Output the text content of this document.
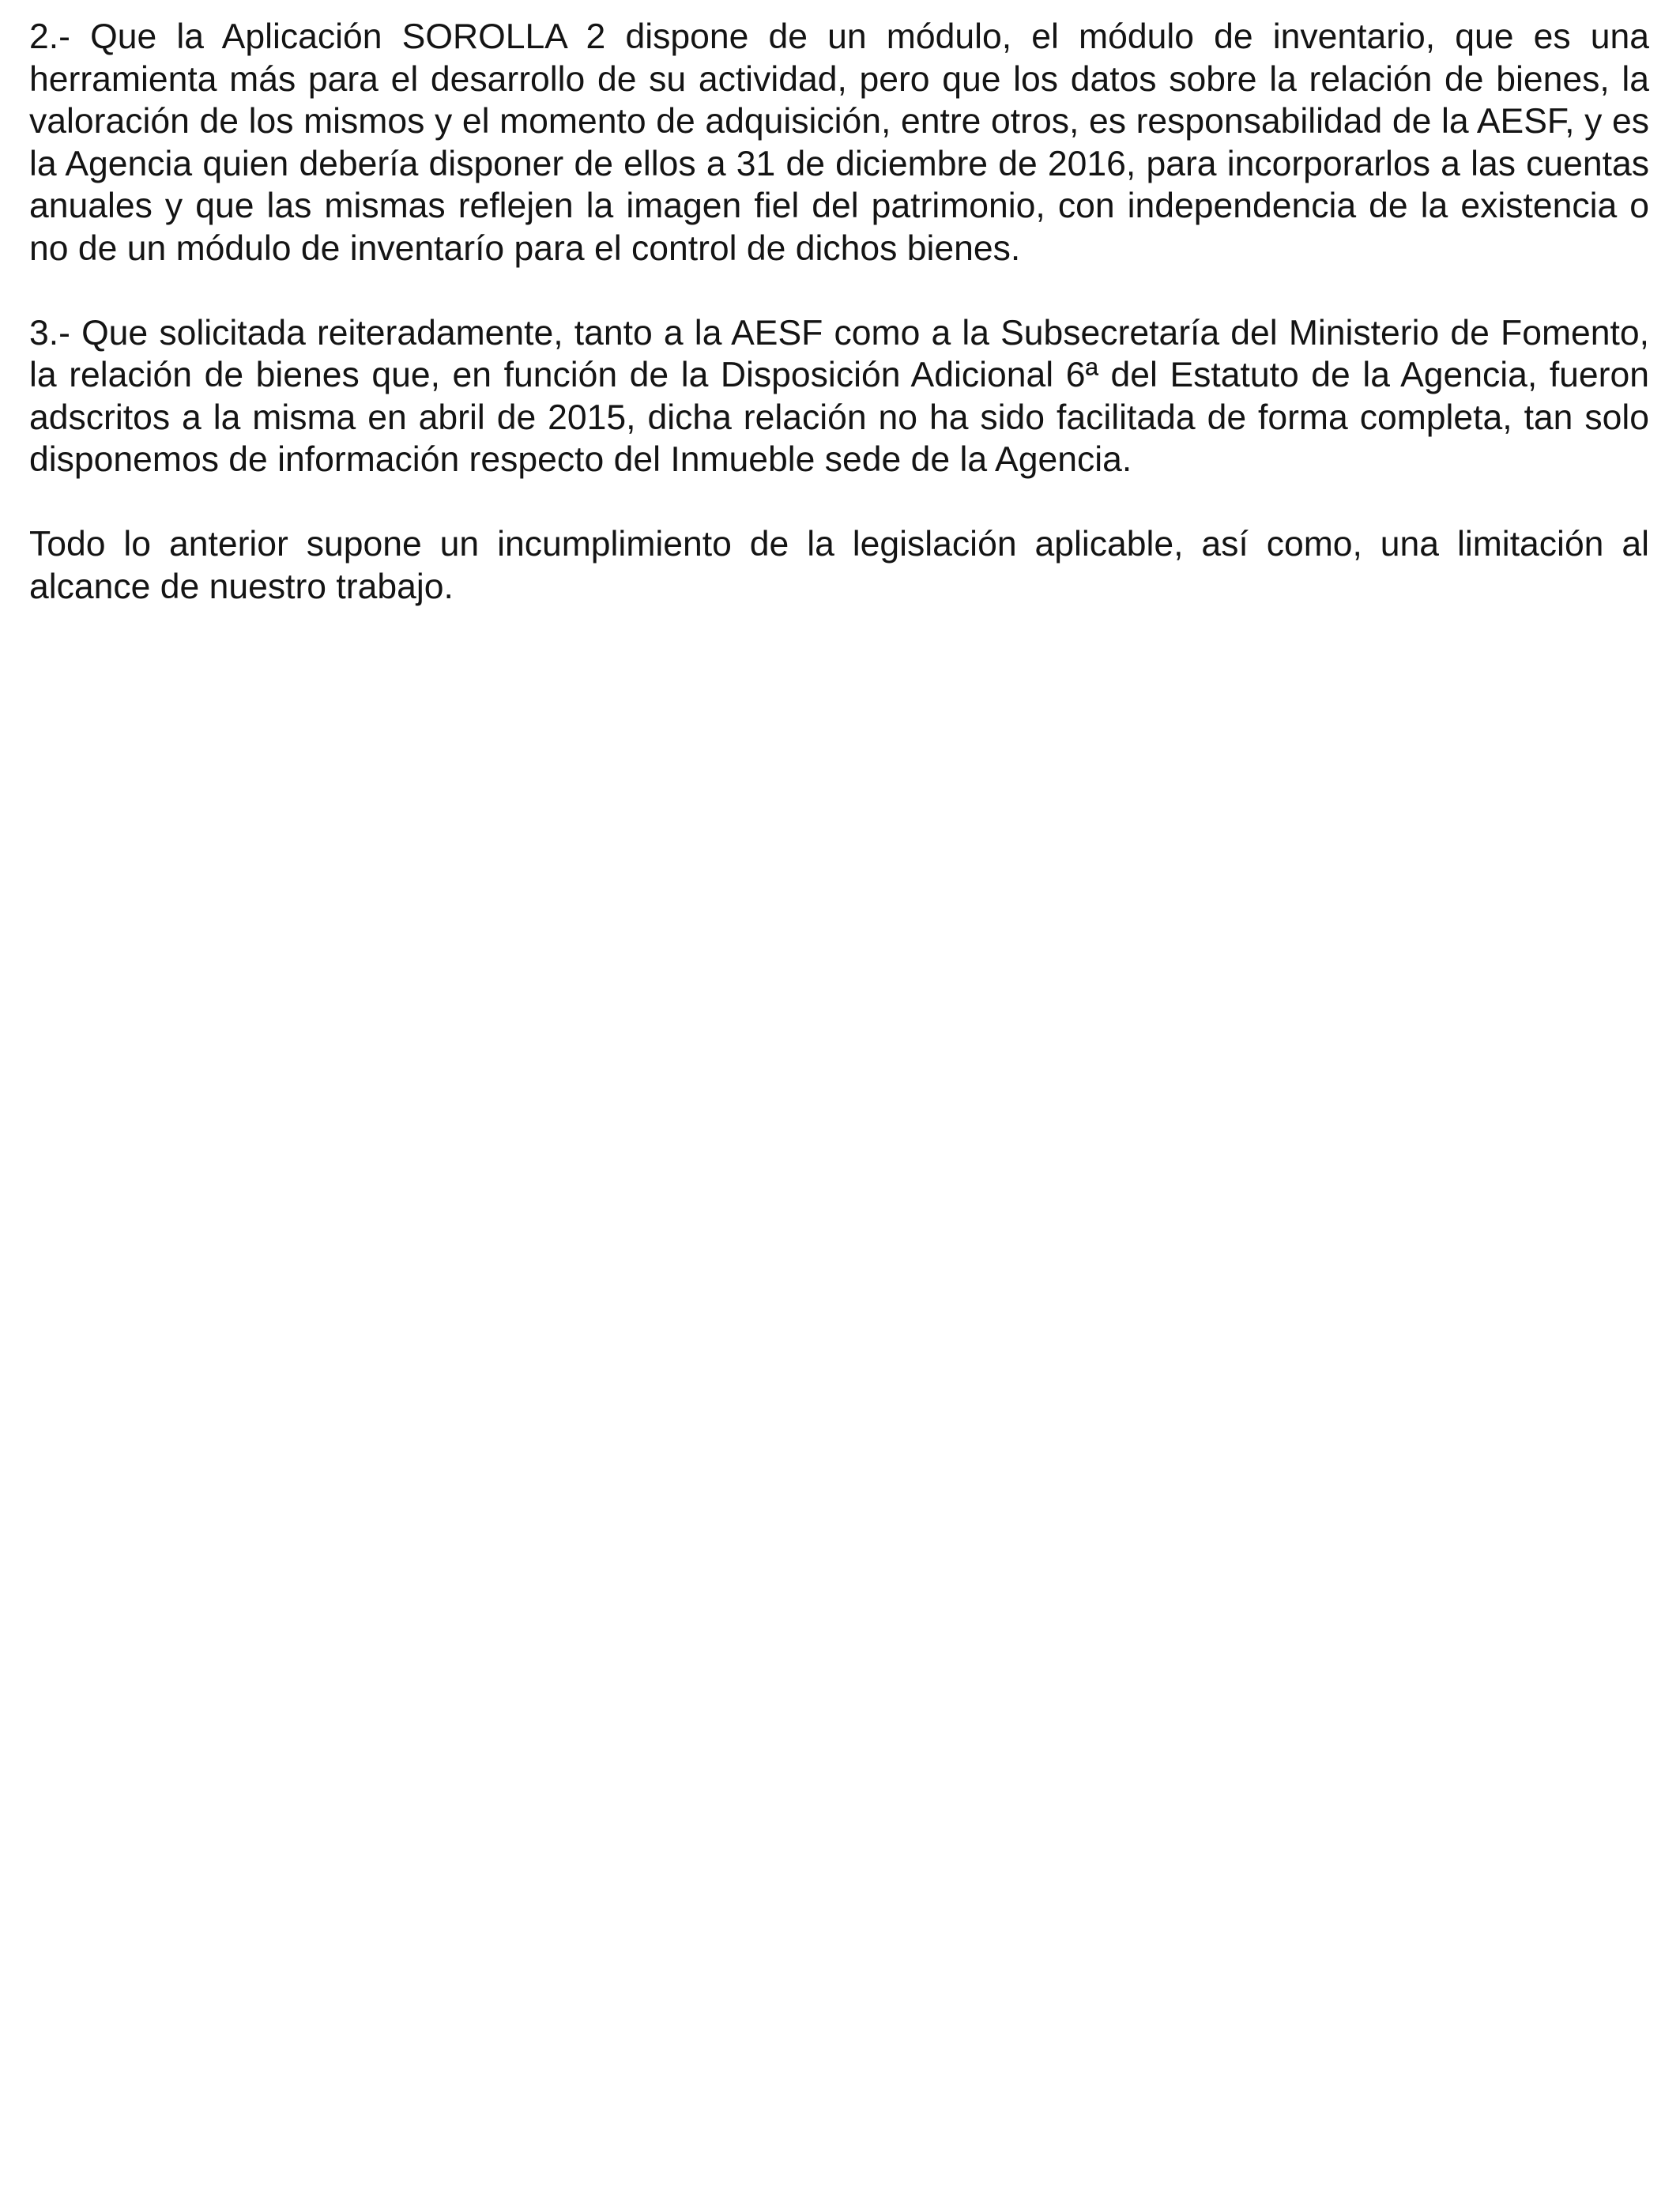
2.- Que la Aplicación SOROLLA 2 dispone de un módulo, el módulo de inventario, que es una herramienta más para el desarrollo de su actividad, pero que los datos sobre la relación de bienes, la valoración de los mismos y el momento de adquisición, entre otros, es responsabilidad de la AESF, y es la Agencia quien debería disponer de ellos a 31 de diciembre de 2016, para incorporarlos a las cuentas anuales y que las mismas reflejen la imagen fiel del patrimonio, con independencia de la existencia o no de un módulo de inventarío para el control de dichos bienes.

3.- Que solicitada reiteradamente, tanto a la AESF como a la Subsecretaría del Ministerio de Fomento, la relación de bienes que, en función de la Disposición Adicional 6ª del Estatuto de la Agencia, fueron adscritos a la misma en abril de 2015, dicha relación no ha sido facilitada de forma completa, tan solo disponemos de información respecto del Inmueble sede de la Agencia.

Todo lo anterior supone un incumplimiento de la legislación aplicable, así como, una limitación al alcance de nuestro trabajo.
